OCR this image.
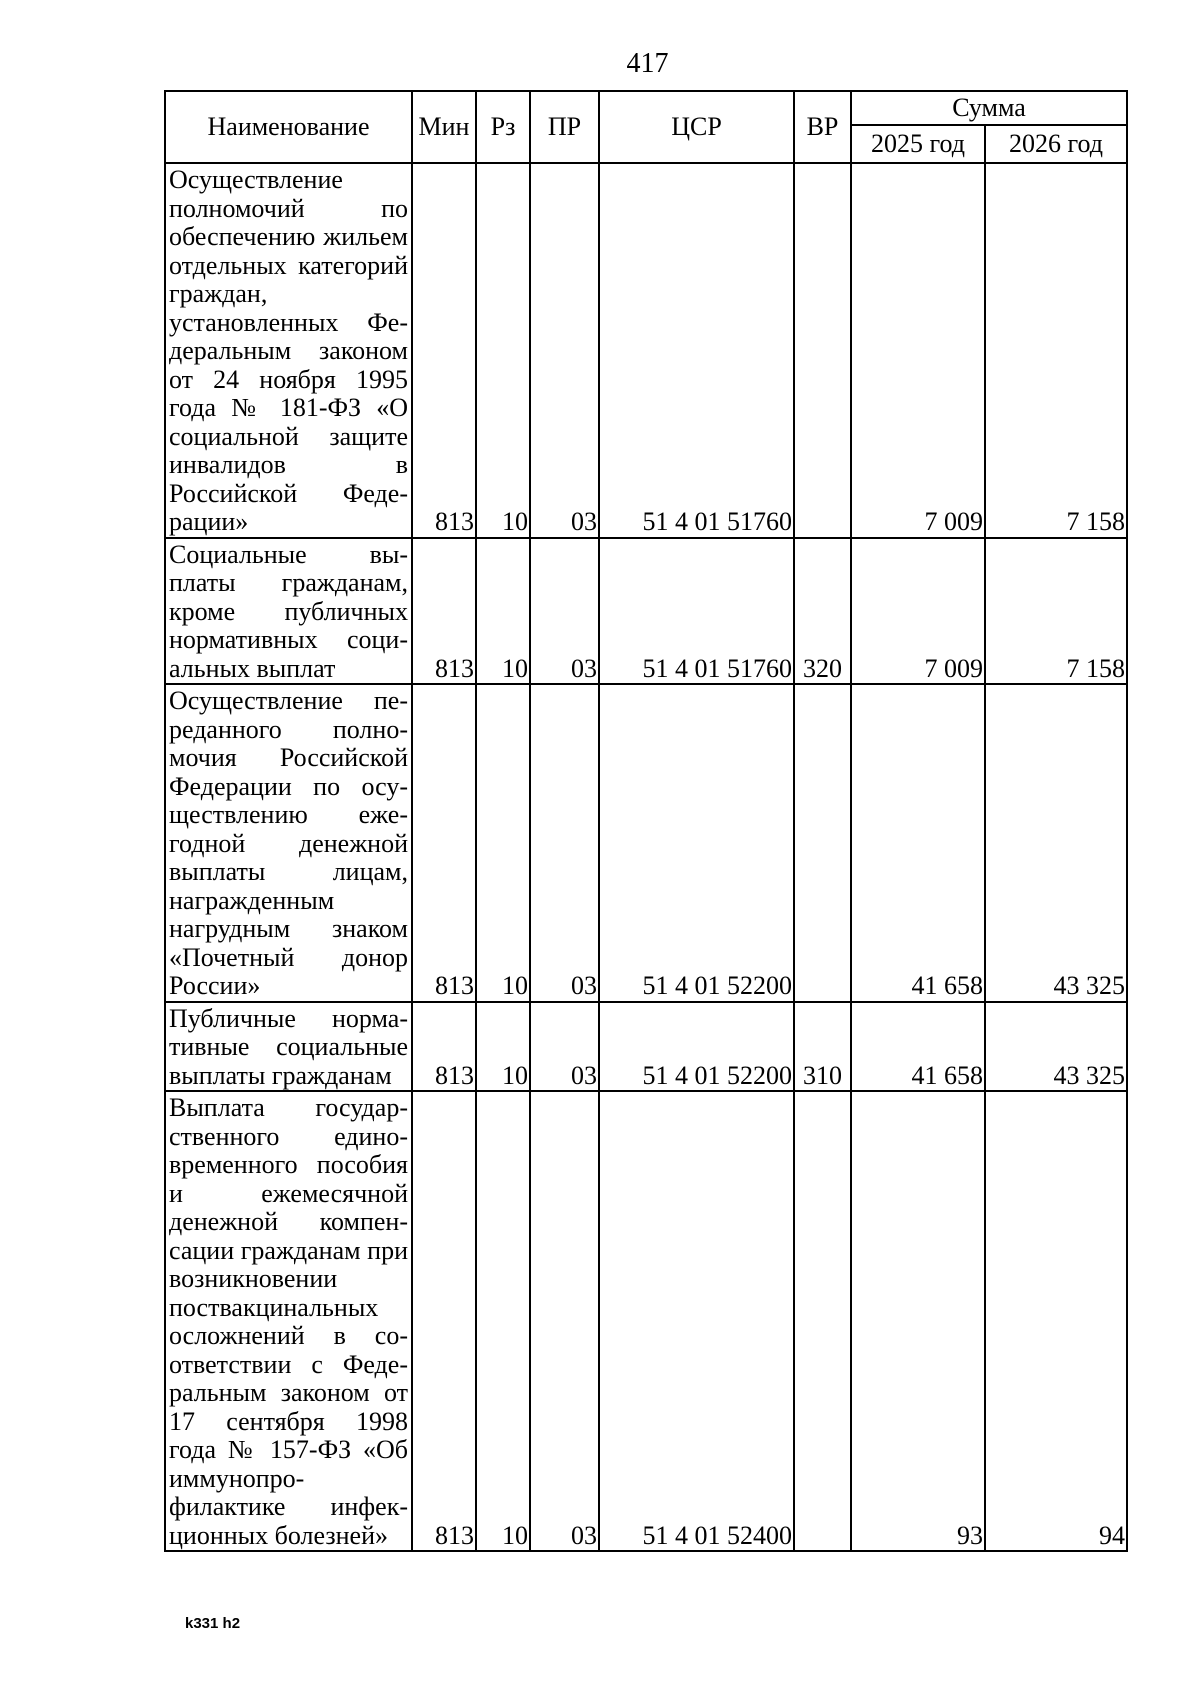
417
Наименование	Мин	Рз	ПР	ЦСР	ВР	Сумма	
						2025 год	2026 год
Осуществление полномочий по обеспечению жильем отдельных категорий граждан, установленных Федеральным законом от 24 ноября 1995 года № 181-ФЗ «О социальной защите инвалидов в Российской Федерации»	813	10	03	51 4 01 51760		7 009	7 158
Социальные выплаты гражданам, кроме публичных нормативных социальных выплат	813	10	03	51 4 01 51760	320	7 009	7 158
Осуществление переданного полномочия Российской Федерации по осуществлению ежегодной денежной выплаты лицам, награжденным нагрудным знаком «Почетный донор России»	813	10	03	51 4 01 52200		41 658	43 325
Публичные нормативные социальные выплаты гражданам	813	10	03	51 4 01 52200	310	41 658	43 325
Выплата государственного единовременного пособия и ежемесячной денежной компенсации гражданам при возникновении поствакцинальных осложнений в соответствии с Федеральным законом от 17 сентября 1998 года № 157-ФЗ «Об иммунопрофилактике инфекционных болезней»	813	10	03	51 4 01 52400		93	94
k331 h2
